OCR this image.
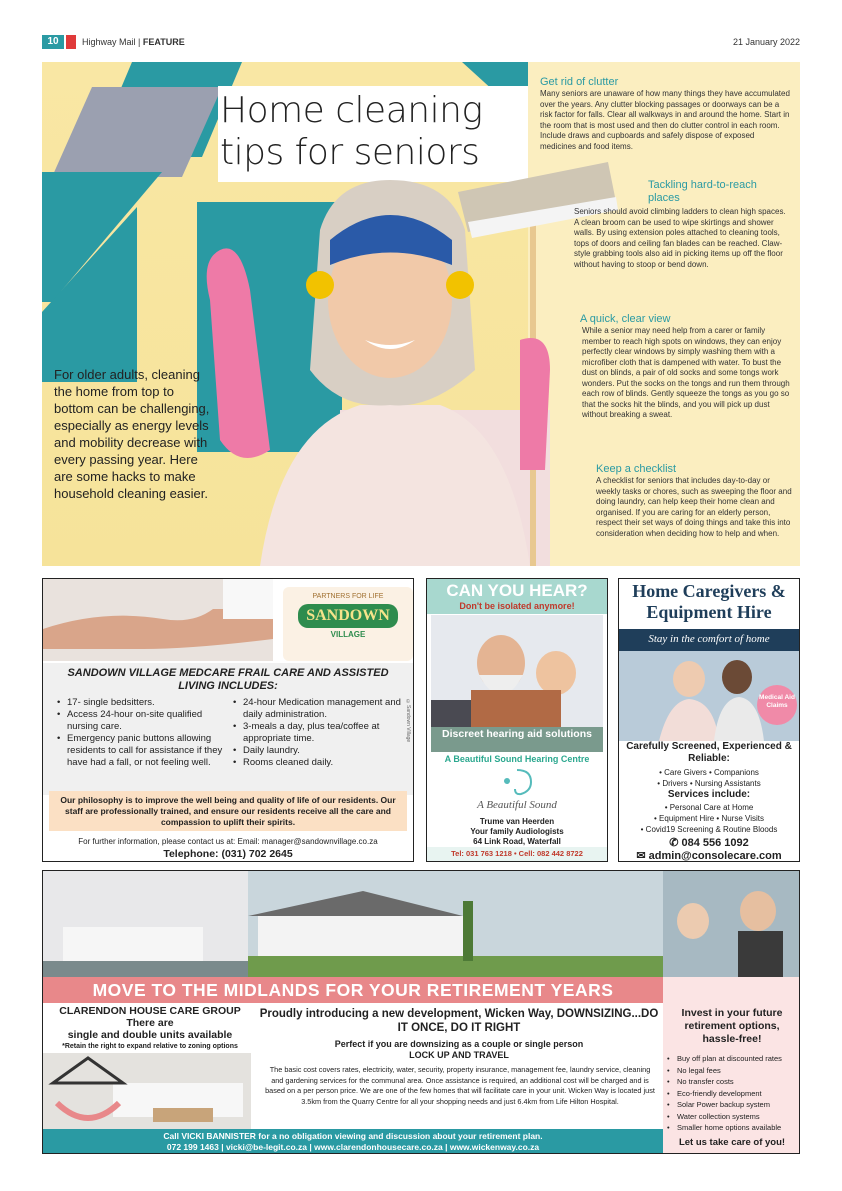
10	Highway Mail | FEATURE	21 January 2022
Home cleaning
tips for seniors
For older adults, cleaning the home from top to bottom can be challenging, especially as energy levels and mobility decrease with every passing year. Here are some hacks to make household cleaning easier.
Get rid of clutter
Many seniors are unaware of how many things they have accumulated over the years. Any clutter blocking passages or doorways can be a risk factor for falls. Clear all walkways in and around the home. Start in the room that is most used and then do clutter control in each room. Include draws and cupboards and safely dispose of exposed medicines and food items.
Tackling hard-to-reach places
Seniors should avoid climbing ladders to clean high spaces. A clean broom can be used to wipe skirtings and shower walls. By using extension poles attached to cleaning tools, tops of doors and ceiling fan blades can be reached. Claw-style grabbing tools also aid in picking items up off the floor without having to stoop or bend down.
A quick, clear view
While a senior may need help from a carer or family member to reach high spots on windows, they can enjoy perfectly clear windows by simply washing them with a microfiber cloth that is dampened with water. To bust the dust on blinds, a pair of old socks and some tongs work wonders. Put the socks on the tongs and run them through each row of blinds. Gently squeeze the tongs as you go so that the socks hit the blinds, and you will pick up dust without breaking a sweat.
Keep a checklist
A checklist for seniors that includes day-to-day or weekly tasks or chores, such as sweeping the floor and doing laundry, can help keep their home clean and organised. If you are caring for an elderly person, respect their set ways of doing things and take this into consideration when deciding how to help and when.
PARTNERS FOR LIFE
SANDOWN
VILLAGE
SANDOWN VILLAGE MEDCARE FRAIL CARE AND ASSISTED LIVING INCLUDES:
• 17- single bedsitters.
• Access 24-hour on-site qualified nursing care.
• Emergency panic buttons allowing residents to call for assistance if they have had a fall, or not feeling well.
• 24-hour Medication management and daily administration.
• 3-meals a day, plus tea/coffee at appropriate time.
• Daily laundry.
• Rooms cleaned daily.
©Sandown Village
Our philosophy is to improve the well being and quality of life of our residents. Our staff are professionally trained, and ensure our residents receive all the care and compassion to uplift their spirits.
For further information, please contact us at: Email: manager@sandownvillage.co.za
Telephone: (031) 702 2645
CAN YOU HEAR?
Don't be isolated anymore!
Discreet hearing aid solutions
A Beautiful Sound Hearing Centre
A Beautiful Sound
Trume van Heerden
Your family Audiologists
64 Link Road, Waterfall
Tel: 031 763 1218 • Cell: 082 442 8722
Home Caregivers & Equipment Hire
Stay in the comfort of home
Medical Aid Claims
Carefully Screened, Experienced & Reliable:
• Care Givers • Companions
• Drivers • Nursing Assistants
Services include:
• Personal Care at Home
• Equipment Hire • Nurse Visits
• Covid19 Screening & Routine Bloods
✆ 084 556 1092
✉ admin@consolecare.com
MOVE TO THE MIDLANDS FOR YOUR RETIREMENT YEARS
CLARENDON HOUSE CARE GROUP
There are
single and double units available
*Retain the right to expand relative to zoning options
Proudly introducing a new development, Wicken Way, DOWNSIZING...DO IT ONCE, DO IT RIGHT
Perfect if you are downsizing as a couple or single person
LOCK UP AND TRAVEL
The basic cost covers rates, electricity, water, security, property insurance, management fee, laundry service, cleaning and gardening services for the communal area. Once assistance is required, an additional cost will be charged and is based on a per person price. We are one of the few homes that will facilitate care in your unit. Wicken Way is located just 3.5km from the Quarry Centre for all your shopping needs and just 6.4km from Life Hilton Hospital.
Invest in your future retirement options, hassle-free!
• Buy off plan at discounted rates
• No legal fees
• No transfer costs
• Eco-friendly development
• Solar Power backup system
• Water collection systems
• Smaller home options available
Let us take care of you!
Call VICKI BANNISTER for a no obligation viewing and discussion about your retirement plan.
072 199 1463 | vicki@be-legit.co.za | www.clarendonhousecare.co.za | www.wickenway.co.za
